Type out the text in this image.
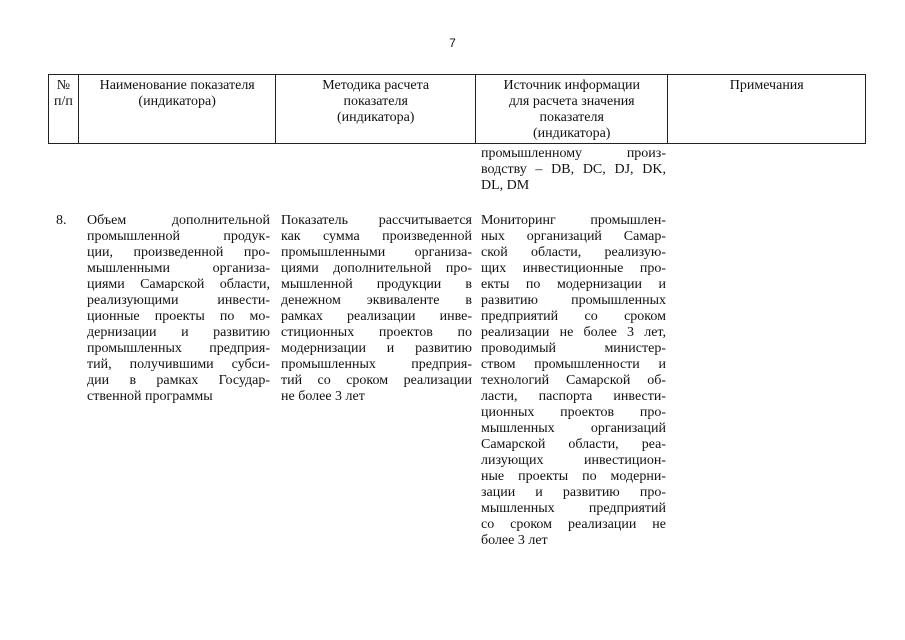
7
№
п/п
Наименование показателя
(индикатора)
Методика расчета
показателя
(индикатора)
Источник информации
для расчета значения
показателя
(индикатора)
Примечания
промышленному произ-
водству – DB, DC, DJ, DK,
DL, DM
8.	Объем дополнительной
промышленной продук-
ции, произведенной про-
мышленными организа-
циями Самарской области,
реализующими инвести-
ционные проекты по мо-
дернизации и развитию
промышленных предприя-
тий, получившими субси-
дии в рамках Государ-
ственной программы
Показатель рассчитывается
как сумма произведенной
промышленными организа-
циями дополнительной про-
мышленной продукции в
денежном эквиваленте в
рамках реализации инве-
стиционных проектов по
модернизации и развитию
промышленных предприя-
тий со сроком реализации
не более 3 лет
Мониторинг промышлен-
ных организаций Самар-
ской области, реализую-
щих инвестиционные про-
екты по модернизации и
развитию промышленных
предприятий со сроком
реализации не более 3 лет,
проводимый министер-
ством промышленности и
технологий Самарской об-
ласти, паспорта инвести-
ционных проектов про-
мышленных организаций
Самарской области, реа-
лизующих инвестицион-
ные проекты по модерни-
зации и развитию про-
мышленных предприятий
со сроком реализации не
более 3 лет
